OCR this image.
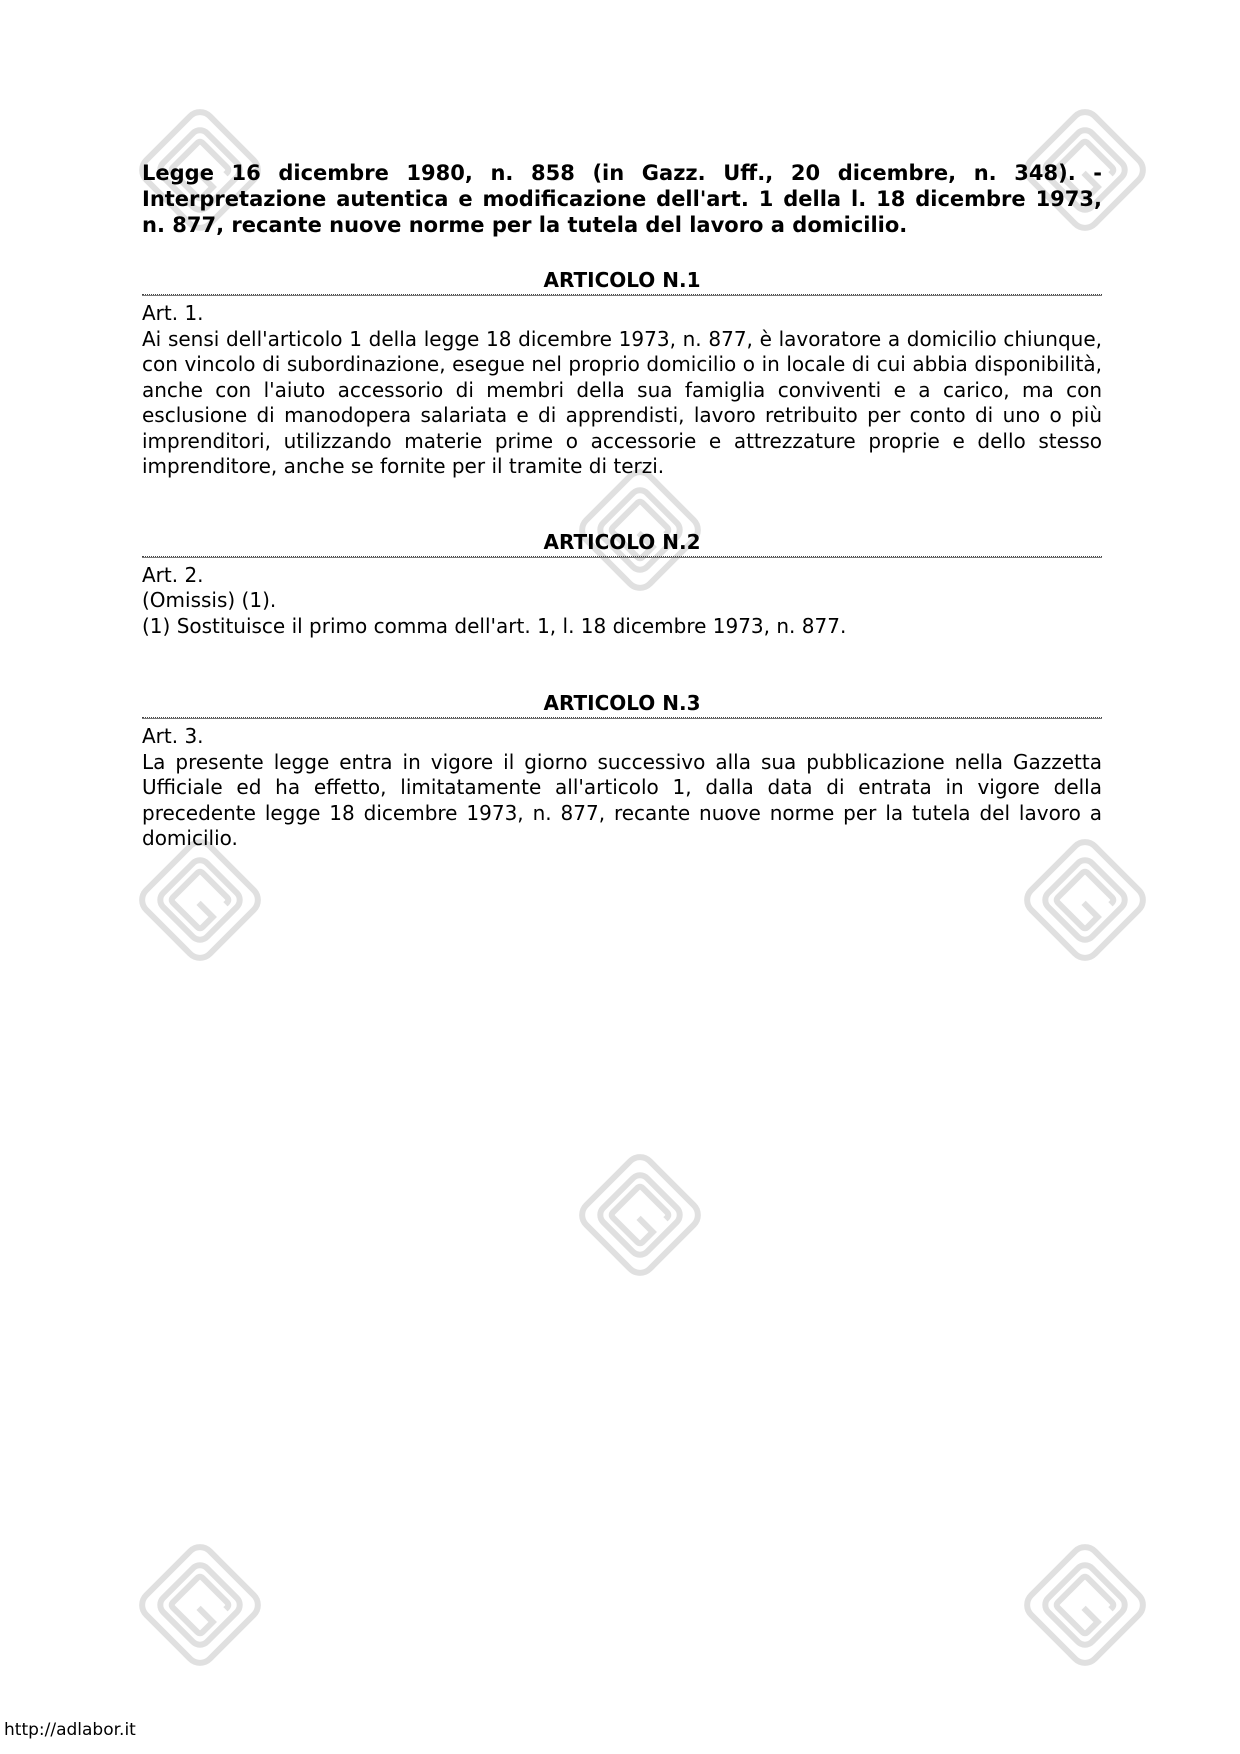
Legge 16 dicembre 1980, n. 858 (in Gazz. Uff., 20 dicembre, n. 348). - Interpretazione autentica e modificazione dell'art. 1 della l. 18 dicembre 1973, n. 877, recante nuove norme per la tutela del lavoro a domicilio.

ARTICOLO N.1

Art. 1.

Ai sensi dell'articolo 1 della legge 18 dicembre 1973, n. 877, è lavoratore a domicilio chiunque, con vincolo di subordinazione, esegue nel proprio domicilio o in locale di cui abbia disponibilità, anche con l'aiuto accessorio di membri della sua famiglia conviventi e a carico, ma con esclusione di manodopera salariata e di apprendisti, lavoro retribuito per conto di uno o più imprenditori, utilizzando materie prime o accessorie e attrezzature proprie e dello stesso imprenditore, anche se fornite per il tramite di terzi.

ARTICOLO N.2

Art. 2.

(Omissis) (1).

(1) Sostituisce il primo comma dell'art. 1, l. 18 dicembre 1973, n. 877.

ARTICOLO N.3

Art. 3.

La presente legge entra in vigore il giorno successivo alla sua pubblicazione nella Gazzetta Ufficiale ed ha effetto, limitatamente all'articolo 1, dalla data di entrata in vigore della precedente legge 18 dicembre 1973, n. 877, recante nuove norme per la tutela del lavoro a domicilio.

http://adlabor.it
